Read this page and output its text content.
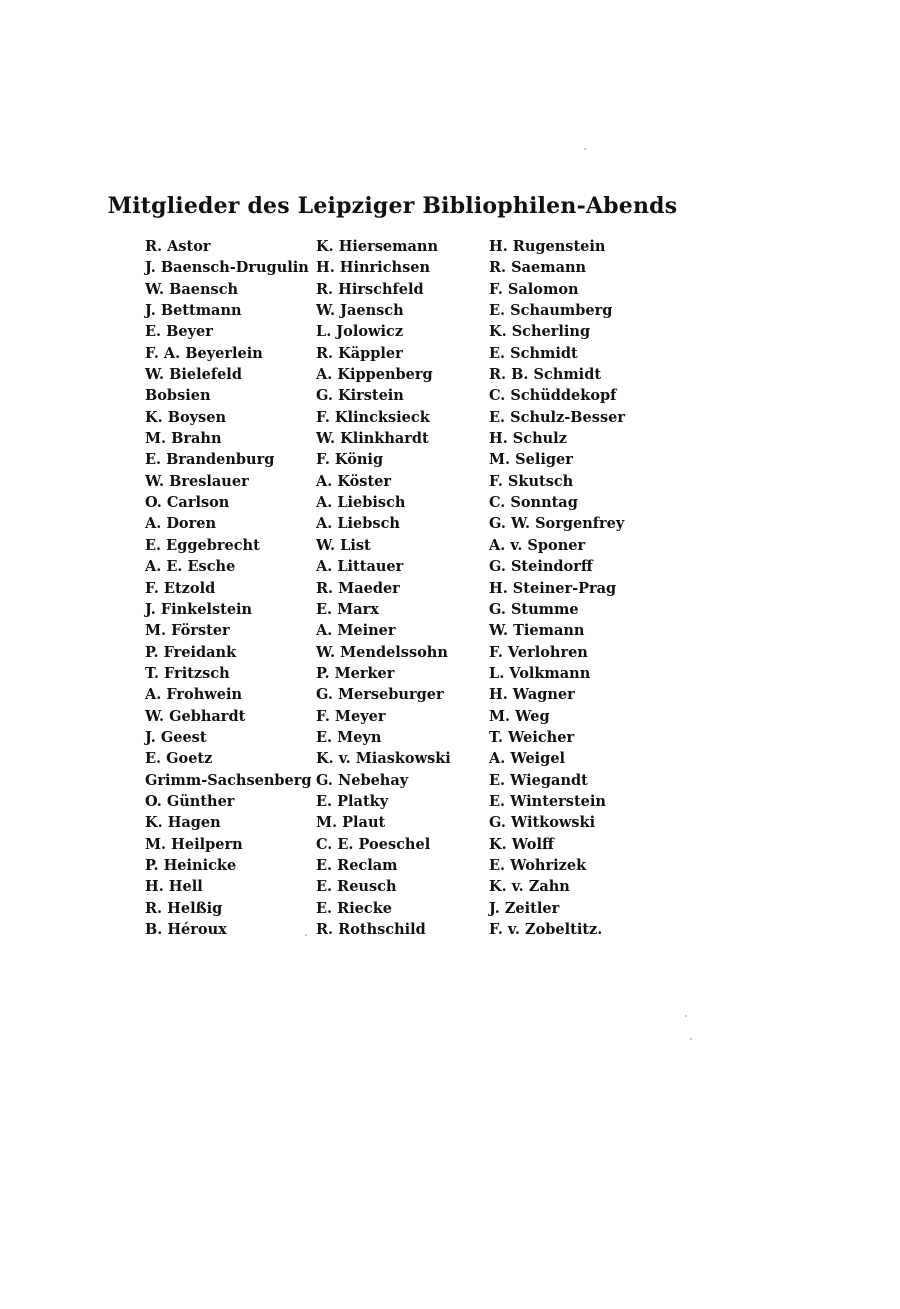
Mitglieder des Leipziger Bibliophilen-Abends
R. Astor
J. Baensch-Drugulin
W. Baensch
J. Bettmann
E. Beyer
F. A. Beyerlein
W. Bielefeld
Bobsien
K. Boysen
M. Brahn
E. Brandenburg
W. Breslauer
O. Carlson
A. Doren
E. Eggebrecht
A. E. Esche
F. Etzold
J. Finkelstein
M. Förster
P. Freidank
T. Fritzsch
A. Frohwein
W. Gebhardt
J. Geest
E. Goetz
Grimm-Sachsenberg
O. Günther
K. Hagen
M. Heilpern
P. Heinicke
H. Hell
R. Helßig
B. Héroux
K. Hiersemann
H. Hinrichsen
R. Hirschfeld
W. Jaensch
L. Jolowicz
R. Käppler
A. Kippenberg
G. Kirstein
F. Klincksieck
W. Klinkhardt
F. König
A. Köster
A. Liebisch
A. Liebsch
W. List
A. Littauer
R. Maeder
E. Marx
A. Meiner
W. Mendelssohn
P. Merker
G. Merseburger
F. Meyer
E. Meyn
K. v. Miaskowski
G. Nebehay
E. Platky
M. Plaut
C. E. Poeschel
E. Reclam
E. Reusch
E. Riecke
R. Rothschild
H. Rugenstein
R. Saemann
F. Salomon
E. Schaumberg
K. Scherling
E. Schmidt
R. B. Schmidt
C. Schüddekopf
E. Schulz-Besser
H. Schulz
M. Seliger
F. Skutsch
C. Sonntag
G. W. Sorgenfrey
A. v. Sponer
G. Steindorff
H. Steiner-Prag
G. Stumme
W. Tiemann
F. Verlohren
L. Volkmann
H. Wagner
M. Weg
T. Weicher
A. Weigel
E. Wiegandt
E. Winterstein
G. Witkowski
K. Wolff
E. Wohrizek
K. v. Zahn
J. Zeitler
F. v. Zobeltitz.
